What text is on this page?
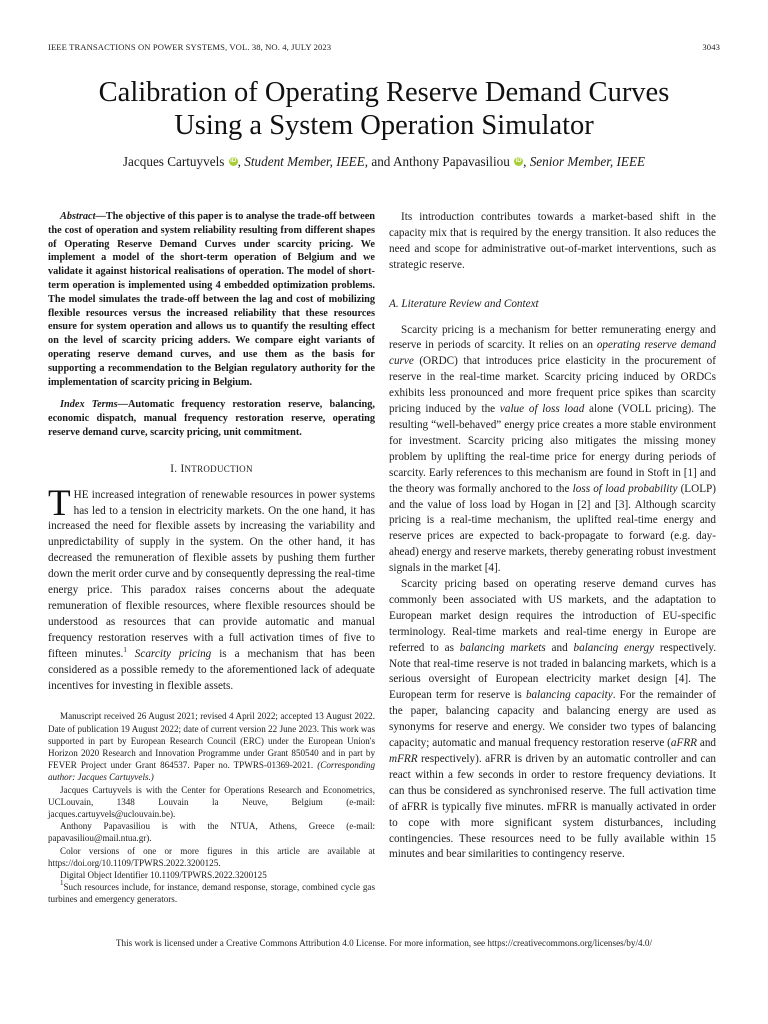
IEEE TRANSACTIONS ON POWER SYSTEMS, VOL. 38, NO. 4, JULY 2023	3043
Calibration of Operating Reserve Demand Curves
Using a System Operation Simulator
Jacques Cartuyvels iD , Student Member, IEEE, and Anthony Papavasiliou iD , Senior Member, IEEE

Abstract—The objective of this paper is to analyse the trade-off between the cost of operation and system reliability resulting from different shapes of Operating Reserve Demand Curves under scarcity pricing. We implement a model of the short-term operation of Belgium and we validate it against historical realisations of operation. The model of short-term operation is implemented using 4 embedded optimization problems. The model simulates the trade-off between the lag and cost of mobilizing flexible resources versus the increased reliability that these resources ensure for system operation and allows us to quantify the resulting effect on the level of scarcity pricing adders. We compare eight variants of operating reserve demand curves, and use them as the basis for supporting a recommendation to the Belgian regulatory authority for the implementation of scarcity pricing in Belgium.

Index Terms—Automatic frequency restoration reserve, balancing, economic dispatch, manual frequency restoration reserve, operating reserve demand curve, scarcity pricing, unit commitment.

I. INTRODUCTION

THE increased integration of renewable resources in power systems has led to a tension in electricity markets. On the one hand, it has increased the need for flexible assets by increasing the variability and unpredictability of supply in the system. On the other hand, it has decreased the remuneration of flexible assets by pushing them further down the merit order curve and by consequently depressing the real-time energy price. This paradox raises concerns about the adequate remuneration of flexible resources, where flexible resources should be understood as resources that can provide automatic and manual frequency restoration reserves with a full activation times of five to fifteen minutes.$^1$ Scarcity pricing is a mechanism that has been considered as a possible remedy to the aforementioned lack of adequate incentives for investing in flexible assets.

Manuscript received 26 August 2021; revised 4 April 2022; accepted 13 August 2022. Date of publication 19 August 2022; date of current version 22 June 2023. This work was supported in part by European Research Council (ERC) under the European Union's Horizon 2020 Research and Innovation Programme under Grant 850540 and in part by FEVER Project under Grant 864537. Paper no. TPWRS-01369-2021. (Corresponding author: Jacques Cartuyvels.)

Jacques Cartuyvels is with the Center for Operations Research and Econometrics, UCLouvain, 1348 Louvain la Neuve, Belgium (e-mail: jacques.cartuyvels@uclouvain.be).

Anthony Papavasiliou is with the NTUA, Athens, Greece (e-mail: papavasiliou@mail.ntua.gr).

Color versions of one or more figures in this article are available at https://doi.org/10.1109/TPWRS.2022.3200125.

Digital Object Identifier 10.1109/TPWRS.2022.3200125

$^1$Such resources include, for instance, demand response, storage, combined cycle gas turbines and emergency generators.

Its introduction contributes towards a market-based shift in the capacity mix that is required by the energy transition. It also reduces the need and scope for administrative out-of-market interventions, such as strategic reserve.

A. Literature Review and Context

Scarcity pricing is a mechanism for better remunerating energy and reserve in periods of scarcity. It relies on an operating reserve demand curve (ORDC) that introduces price elasticity in the procurement of reserve in the real-time market. Scarcity pricing induced by ORDCs exhibits less pronounced and more frequent price spikes than scarcity pricing induced by the value of loss load alone (VOLL pricing). The resulting “well-behaved” energy price creates a more stable environment for investment. Scarcity pricing also mitigates the missing money problem by uplifting the real-time price for energy during periods of scarcity. Early references to this mechanism are found in Stoft in [1] and the theory was formally anchored to the loss of load probability (LOLP) and the value of loss load by Hogan in [2] and [3]. Although scarcity pricing is a real-time mechanism, the uplifted real-time energy and reserve prices are expected to back-propagate to forward (e.g. day-ahead) energy and reserve markets, thereby generating robust investment signals in the market [4].

Scarcity pricing based on operating reserve demand curves has commonly been associated with US markets, and the adaptation to European market design requires the introduction of EU-specific terminology. Real-time markets and real-time energy in Europe are referred to as balancing markets and balancing energy respectively. Note that real-time reserve is not traded in balancing markets, which is a serious oversight of European electricity market design [4]. The European term for reserve is balancing capacity. For the remainder of the paper, balancing capacity and balancing energy are used as synonyms for reserve and energy. We consider two types of balancing capacity; automatic and manual frequency restoration reserve (aFRR and mFRR respectively). aFRR is driven by an automatic controller and can react within a few seconds in order to restore frequency deviations. It can thus be considered as synchronised reserve. The full activation time of aFRR is typically five minutes. mFRR is manually activated in order to cope with more significant system disturbances, including contingencies. These resources need to be fully available within 15 minutes and bear similarities to contingency reserve.

This work is licensed under a Creative Commons Attribution 4.0 License. For more information, see https://creativecommons.org/licenses/by/4.0/
